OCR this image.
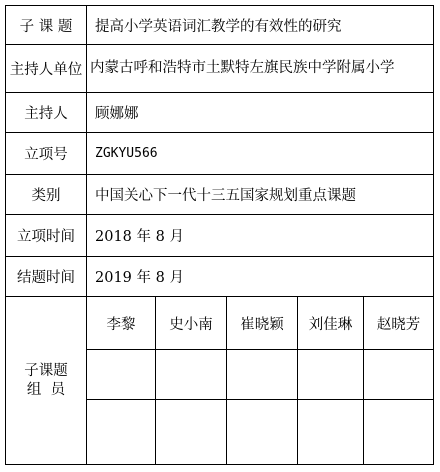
子 课 题	提高小学英语词汇教学的有效性的研究
主持人单位 内蒙古呼和浩特市土默特左旗民族中学附属小学
主持人	顾娜娜
立项号	ZGKYU566
类别	中国关心下一代十三五国家规划重点课题
立项时间	2018 年 8 月
结题时间	2019 年 8 月
子课题
组  员
李黎	史小南	崔晓颖	刘佳琳	赵晓芳
